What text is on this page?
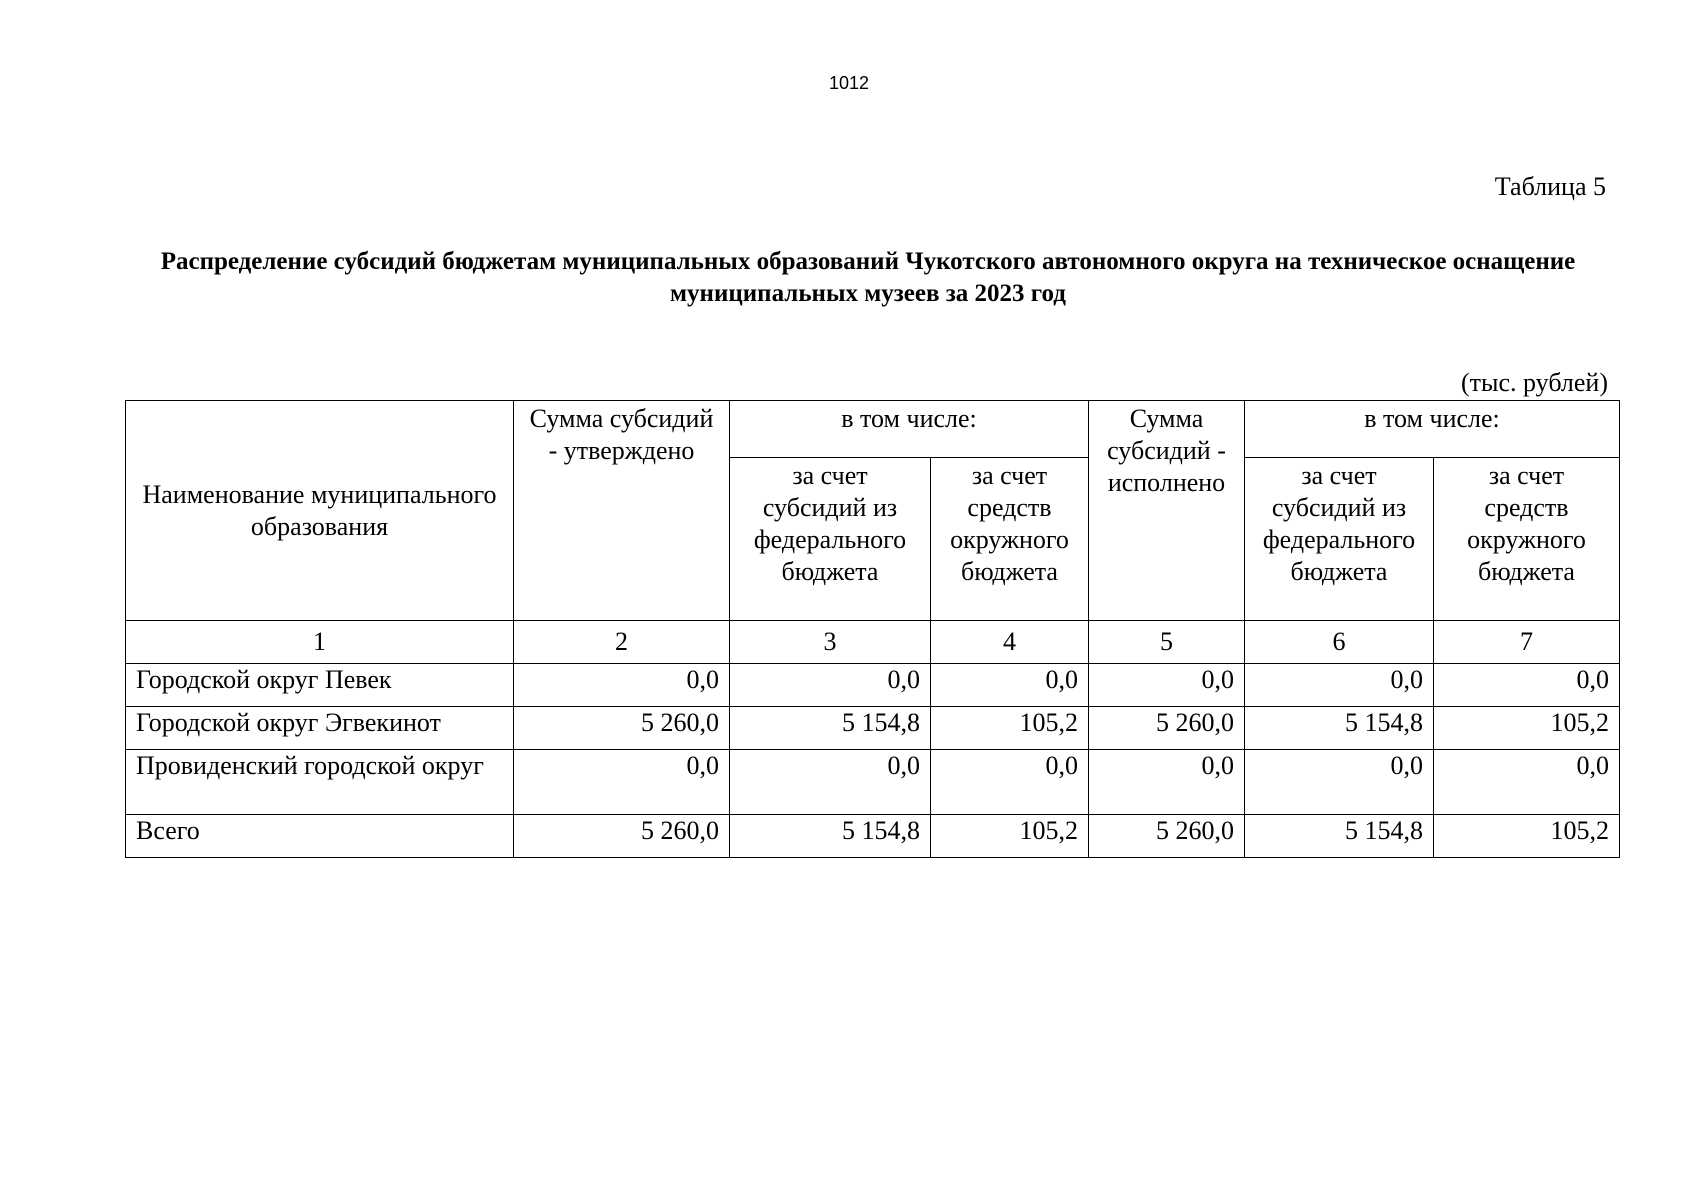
1012
Таблица 5
Распределение субсидий бюджетам муниципальных образований Чукотского автономного округа на техническое оснащение муниципальных музеев за 2023 год
(тыс. рублей)
Наименование муниципального образования	Сумма субсидий - утверждено	в том числе:		Сумма субсидий - исполнено	в том числе:	
		за счет субсидий из федерального бюджета	за счет средств окружного бюджета		за счет субсидий из федерального бюджета	за счет средств окружного бюджета
1	2	3	4	5	6	7
Городской округ Певек	0,0	0,0	0,0	0,0	0,0	0,0
Городской округ Эгвекинот	5 260,0	5 154,8	105,2	5 260,0	5 154,8	105,2
Провиденский городской округ	0,0	0,0	0,0	0,0	0,0	0,0
Всего	5 260,0	5 154,8	105,2	5 260,0	5 154,8	105,2
